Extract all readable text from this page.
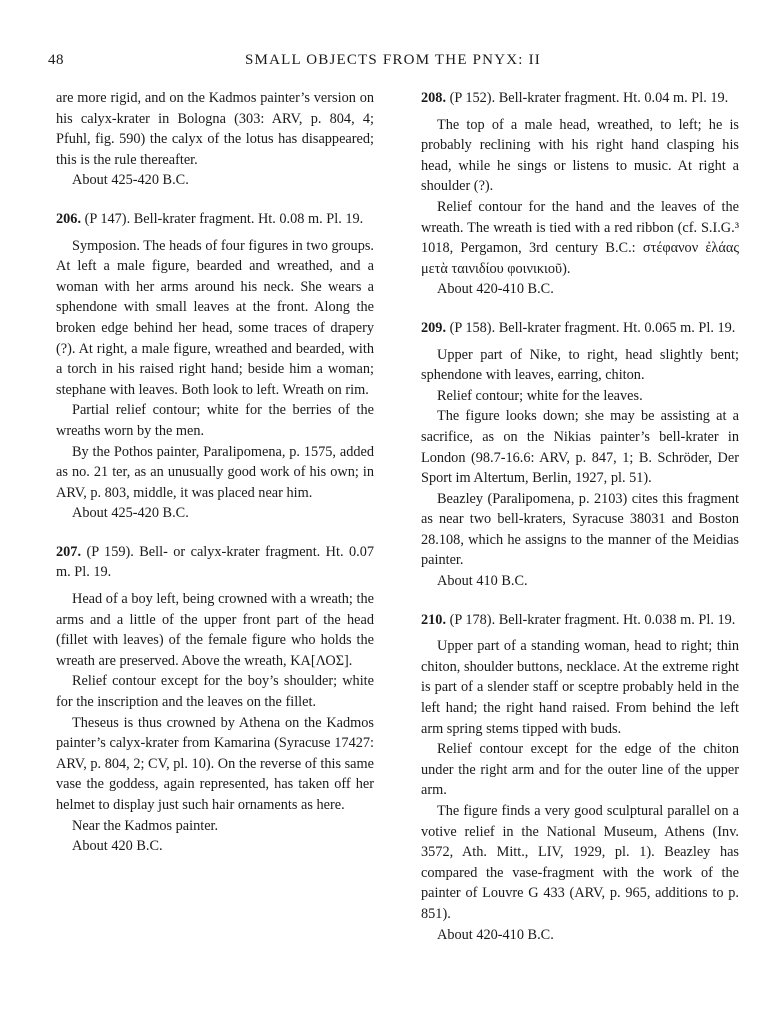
48	SMALL OBJECTS FROM THE PNYX: II

are more rigid, and on the Kadmos painter’s version on his calyx-krater in Bologna (303: ARV, p. 804, 4; Pfuhl, fig. 590) the calyx of the lotus has disappeared; this is the rule thereafter.

About 425-420 B.C.

206. (P 147). Bell-krater fragment. Ht. 0.08 m. Pl. 19.

Symposion. The heads of four figures in two groups. At left a male figure, bearded and wreathed, and a woman with her arms around his neck. She wears a sphendone with small leaves at the front. Along the broken edge behind her head, some traces of drapery (?). At right, a male figure, wreathed and bearded, with a torch in his raised right hand; beside him a woman; stephane with leaves. Both look to left. Wreath on rim.

Partial relief contour; white for the berries of the wreaths worn by the men.

By the Pothos painter, Paralipomena, p. 1575, added as no. 21 ter, as an unusually good work of his own; in ARV, p. 803, middle, it was placed near him.

About 425-420 B.C.

207. (P 159). Bell- or calyx-krater fragment. Ht. 0.07 m. Pl. 19.

Head of a boy left, being crowned with a wreath; the arms and a little of the upper front part of the head (fillet with leaves) of the female figure who holds the wreath are preserved. Above the wreath, ΚΑ[ΛΟΣ].

Relief contour except for the boy’s shoulder; white for the inscription and the leaves on the fillet.

Theseus is thus crowned by Athena on the Kadmos painter’s calyx-krater from Kamarina (Syracuse 17427: ARV, p. 804, 2; CV, pl. 10). On the reverse of this same vase the goddess, again represented, has taken off her helmet to display just such hair ornaments as here.

Near the Kadmos painter.

About 420 B.C.

208. (P 152). Bell-krater fragment. Ht. 0.04 m. Pl. 19.

The top of a male head, wreathed, to left; he is probably reclining with his right hand clasping his head, while he sings or listens to music. At right a shoulder (?).

Relief contour for the hand and the leaves of the wreath. The wreath is tied with a red ribbon (cf. S.I.G.³ 1018, Pergamon, 3rd century B.C.: στέφανον ἐλάας μετὰ ταινιδίου φοινικιοῦ).

About 420-410 B.C.

209. (P 158). Bell-krater fragment. Ht. 0.065 m. Pl. 19.

Upper part of Nike, to right, head slightly bent; sphendone with leaves, earring, chiton.

Relief contour; white for the leaves.

The figure looks down; she may be assisting at a sacrifice, as on the Nikias painter’s bell-krater in London (98.7-16.6: ARV, p. 847, 1; B. Schröder, Der Sport im Altertum, Berlin, 1927, pl. 51).

Beazley (Paralipomena, p. 2103) cites this fragment as near two bell-kraters, Syracuse 38031 and Boston 28.108, which he assigns to the manner of the Meidias painter.

About 410 B.C.

210. (P 178). Bell-krater fragment. Ht. 0.038 m. Pl. 19.

Upper part of a standing woman, head to right; thin chiton, shoulder buttons, necklace. At the extreme right is part of a slender staff or sceptre probably held in the left hand; the right hand raised. From behind the left arm spring stems tipped with buds.

Relief contour except for the edge of the chiton under the right arm and for the outer line of the upper arm.

The figure finds a very good sculptural parallel on a votive relief in the National Museum, Athens (Inv. 3572, Ath. Mitt., LIV, 1929, pl. 1). Beazley has compared the vase-fragment with the work of the painter of Louvre G 433 (ARV, p. 965, additions to p. 851).

About 420-410 B.C.
